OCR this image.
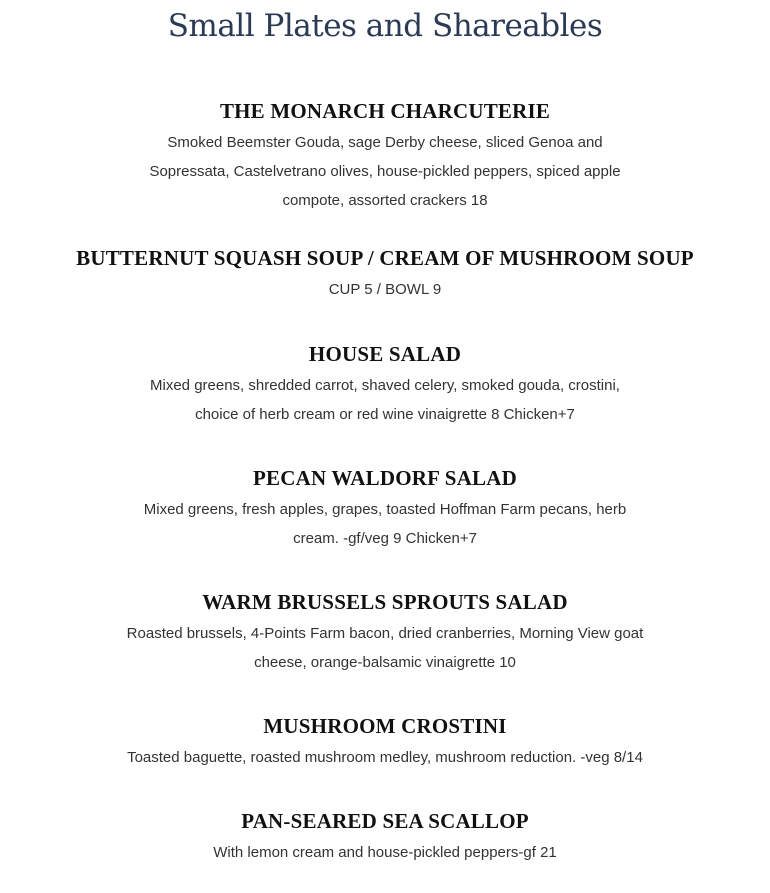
Small Plates and Shareables
THE MONARCH CHARCUTERIE

Smoked Beemster Gouda, sage Derby cheese, sliced Genoa and Sopressata, Castelvetrano olives, house-pickled peppers, spiced apple compote, assorted crackers 18

BUTTERNUT SQUASH SOUP / CREAM OF MUSHROOM SOUP

CUP 5 / BOWL 9

HOUSE SALAD

Mixed greens, shredded carrot, shaved celery, smoked gouda, crostini, choice of herb cream or red wine vinaigrette 8 Chicken+7

PECAN WALDORF SALAD

Mixed greens, fresh apples, grapes, toasted Hoffman Farm pecans, herb cream. -gf/veg 9 Chicken+7

WARM BRUSSELS SPROUTS SALAD

Roasted brussels, 4-Points Farm bacon, dried cranberries, Morning View goat cheese, orange-balsamic vinaigrette 10

MUSHROOM CROSTINI

Toasted baguette, roasted mushroom medley, mushroom reduction. -veg 8/14

PAN-SEARED SEA SCALLOP

With lemon cream and house-pickled peppers-gf 21
